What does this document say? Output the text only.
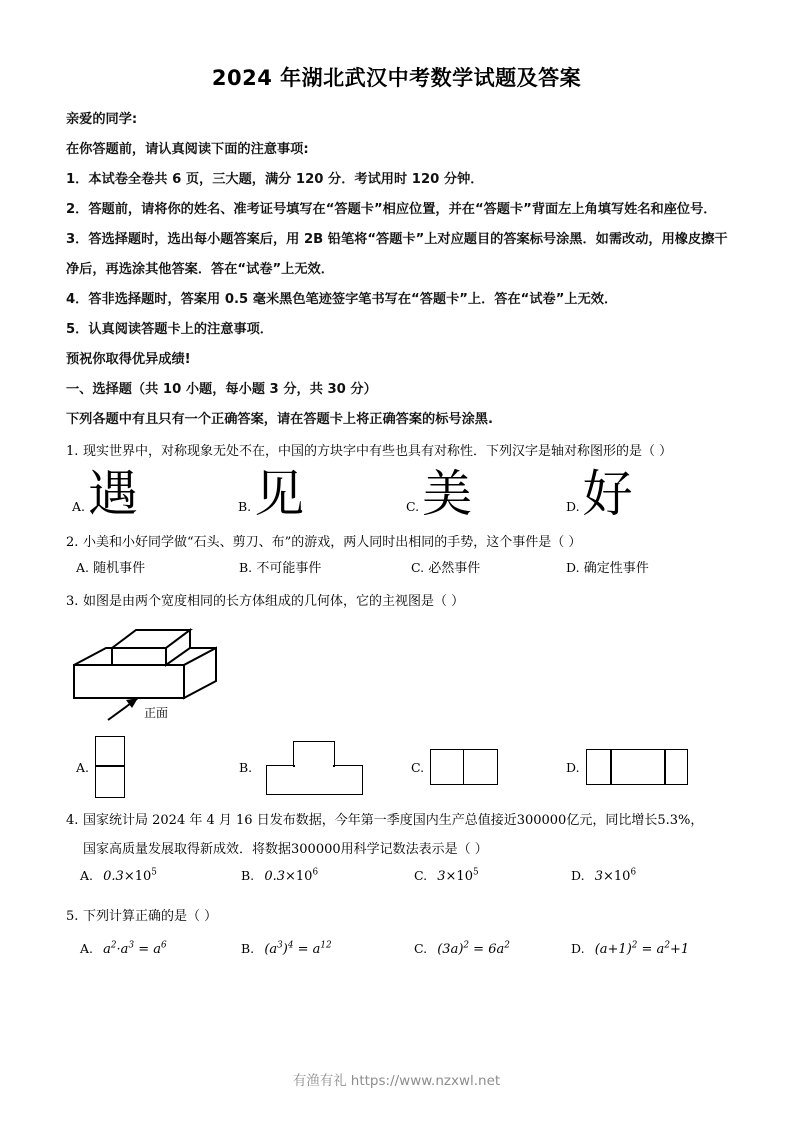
2024 年湖北武汉中考数学试题及答案

亲爱的同学:

在你答题前，请认真阅读下面的注意事项:

1．本试卷全卷共 6 页，三大题，满分 120 分．考试用时 120 分钟．

2．答题前，请将你的姓名、准考证号填写在“答题卡”相应位置，并在“答题卡”背面左上角填写姓名和座位号．

3．答选择题时，选出每小题答案后，用 2B 铅笔将“答题卡”上对应题目的答案标号涂黑．如需改动，用橡皮擦干净后，再选涂其他答案．答在“试卷”上无效．

4．答非选择题时，答案用 0.5 毫米黑色笔迹签字笔书写在“答题卡”上．答在“试卷”上无效．

5．认真阅读答题卡上的注意事项．

预祝你取得优异成绩!

一、选择题（共 10 小题，每小题 3 分，共 30 分）

下列各题中有且只有一个正确答案，请在答题卡上将正确答案的标号涂黑.

1. 现实世界中，对称现象无处不在，中国的方块字中有些也具有对称性．下列汉字是轴对称图形的是（ ）

A. 遇	B. 见	C. 美	D. 好

2. 小美和小好同学做“石头、剪刀、布”的游戏，两人同时出相同的手势，这个事件是（ ）

A. 随机事件	B. 不可能事件	C. 必然事件	D. 确定性事件

3. 如图是由两个宽度相同的长方体组成的几何体，它的主视图是（ ）

正面
A.	B.	C.	D.

4. 国家统计局 2024 年 4 月 16 日发布数据，今年第一季度国内生产总值接近300000亿元，同比增长5.3%，

国家高质量发展取得新成效．将数据300000用科学记数法表示是（ ）

A. $0.3\times 10^5$	B. $0.3\times 10^6$	C. $3\times 10^5$	D. $3\times 10^6$

5. 下列计算正确的是（ ）

A. $a^2\cdot a^3 = a^6$	B. $(a^3)^4 = a^{12}$	C. $(3a)^2 = 6a^2$	D. $(a+1)^2 = a^2+1$
有渔有礼 https://www.nzxwl.net
